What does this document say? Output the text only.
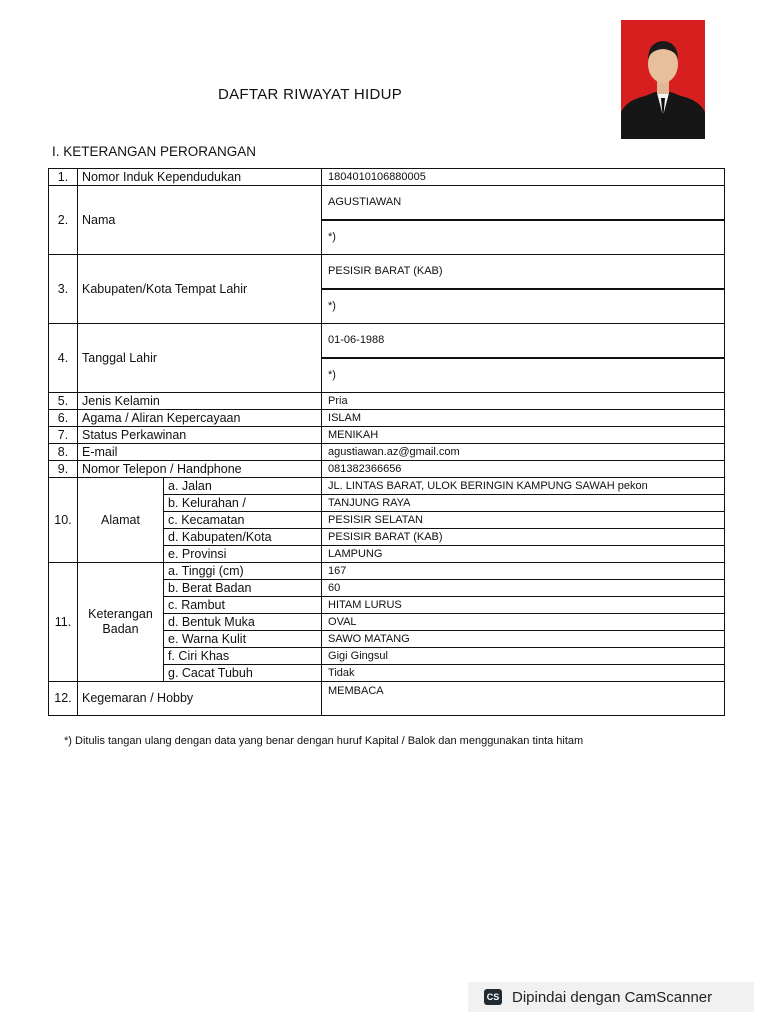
DAFTAR RIWAYAT HIDUP
I. KETERANGAN PERORANGAN
1.	Nomor Induk Kependudukan		1804010106880005
2.	Nama		AGUSTIAWAN
			*)
3.	Kabupaten/Kota Tempat Lahir		PESISIR BARAT (KAB)
			*)
4.	Tanggal Lahir		01-06-1988
			*)
5.	Jenis Kelamin		Pria
6.	Agama / Aliran Kepercayaan		ISLAM
7.	Status Perkawinan		MENIKAH
8.	E-mail		agustiawan.az@gmail.com
9.	Nomor Telepon / Handphone		081382366656
10.	Alamat	a. Jalan	JL. LINTAS BARAT, ULOK BERINGIN KAMPUNG SAWAH pekon
		b. Kelurahan /	TANJUNG RAYA
		c. Kecamatan	PESISIR SELATAN
		d. Kabupaten/Kota	PESISIR BARAT (KAB)
		e. Provinsi	LAMPUNG
11.	Keterangan Badan	a. Tinggi (cm)	167
		b. Berat Badan	60
		c. Rambut	HITAM LURUS
		d. Bentuk Muka	OVAL
		e. Warna Kulit	SAWO MATANG
		f. Ciri Khas	Gigi Gingsul
		g. Cacat Tubuh	Tidak
12.	Kegemaran / Hobby		MEMBACA
*) Ditulis tangan ulang dengan data yang benar dengan huruf Kapital / Balok dan menggunakan tinta hitam
CS Dipindai dengan CamScanner
